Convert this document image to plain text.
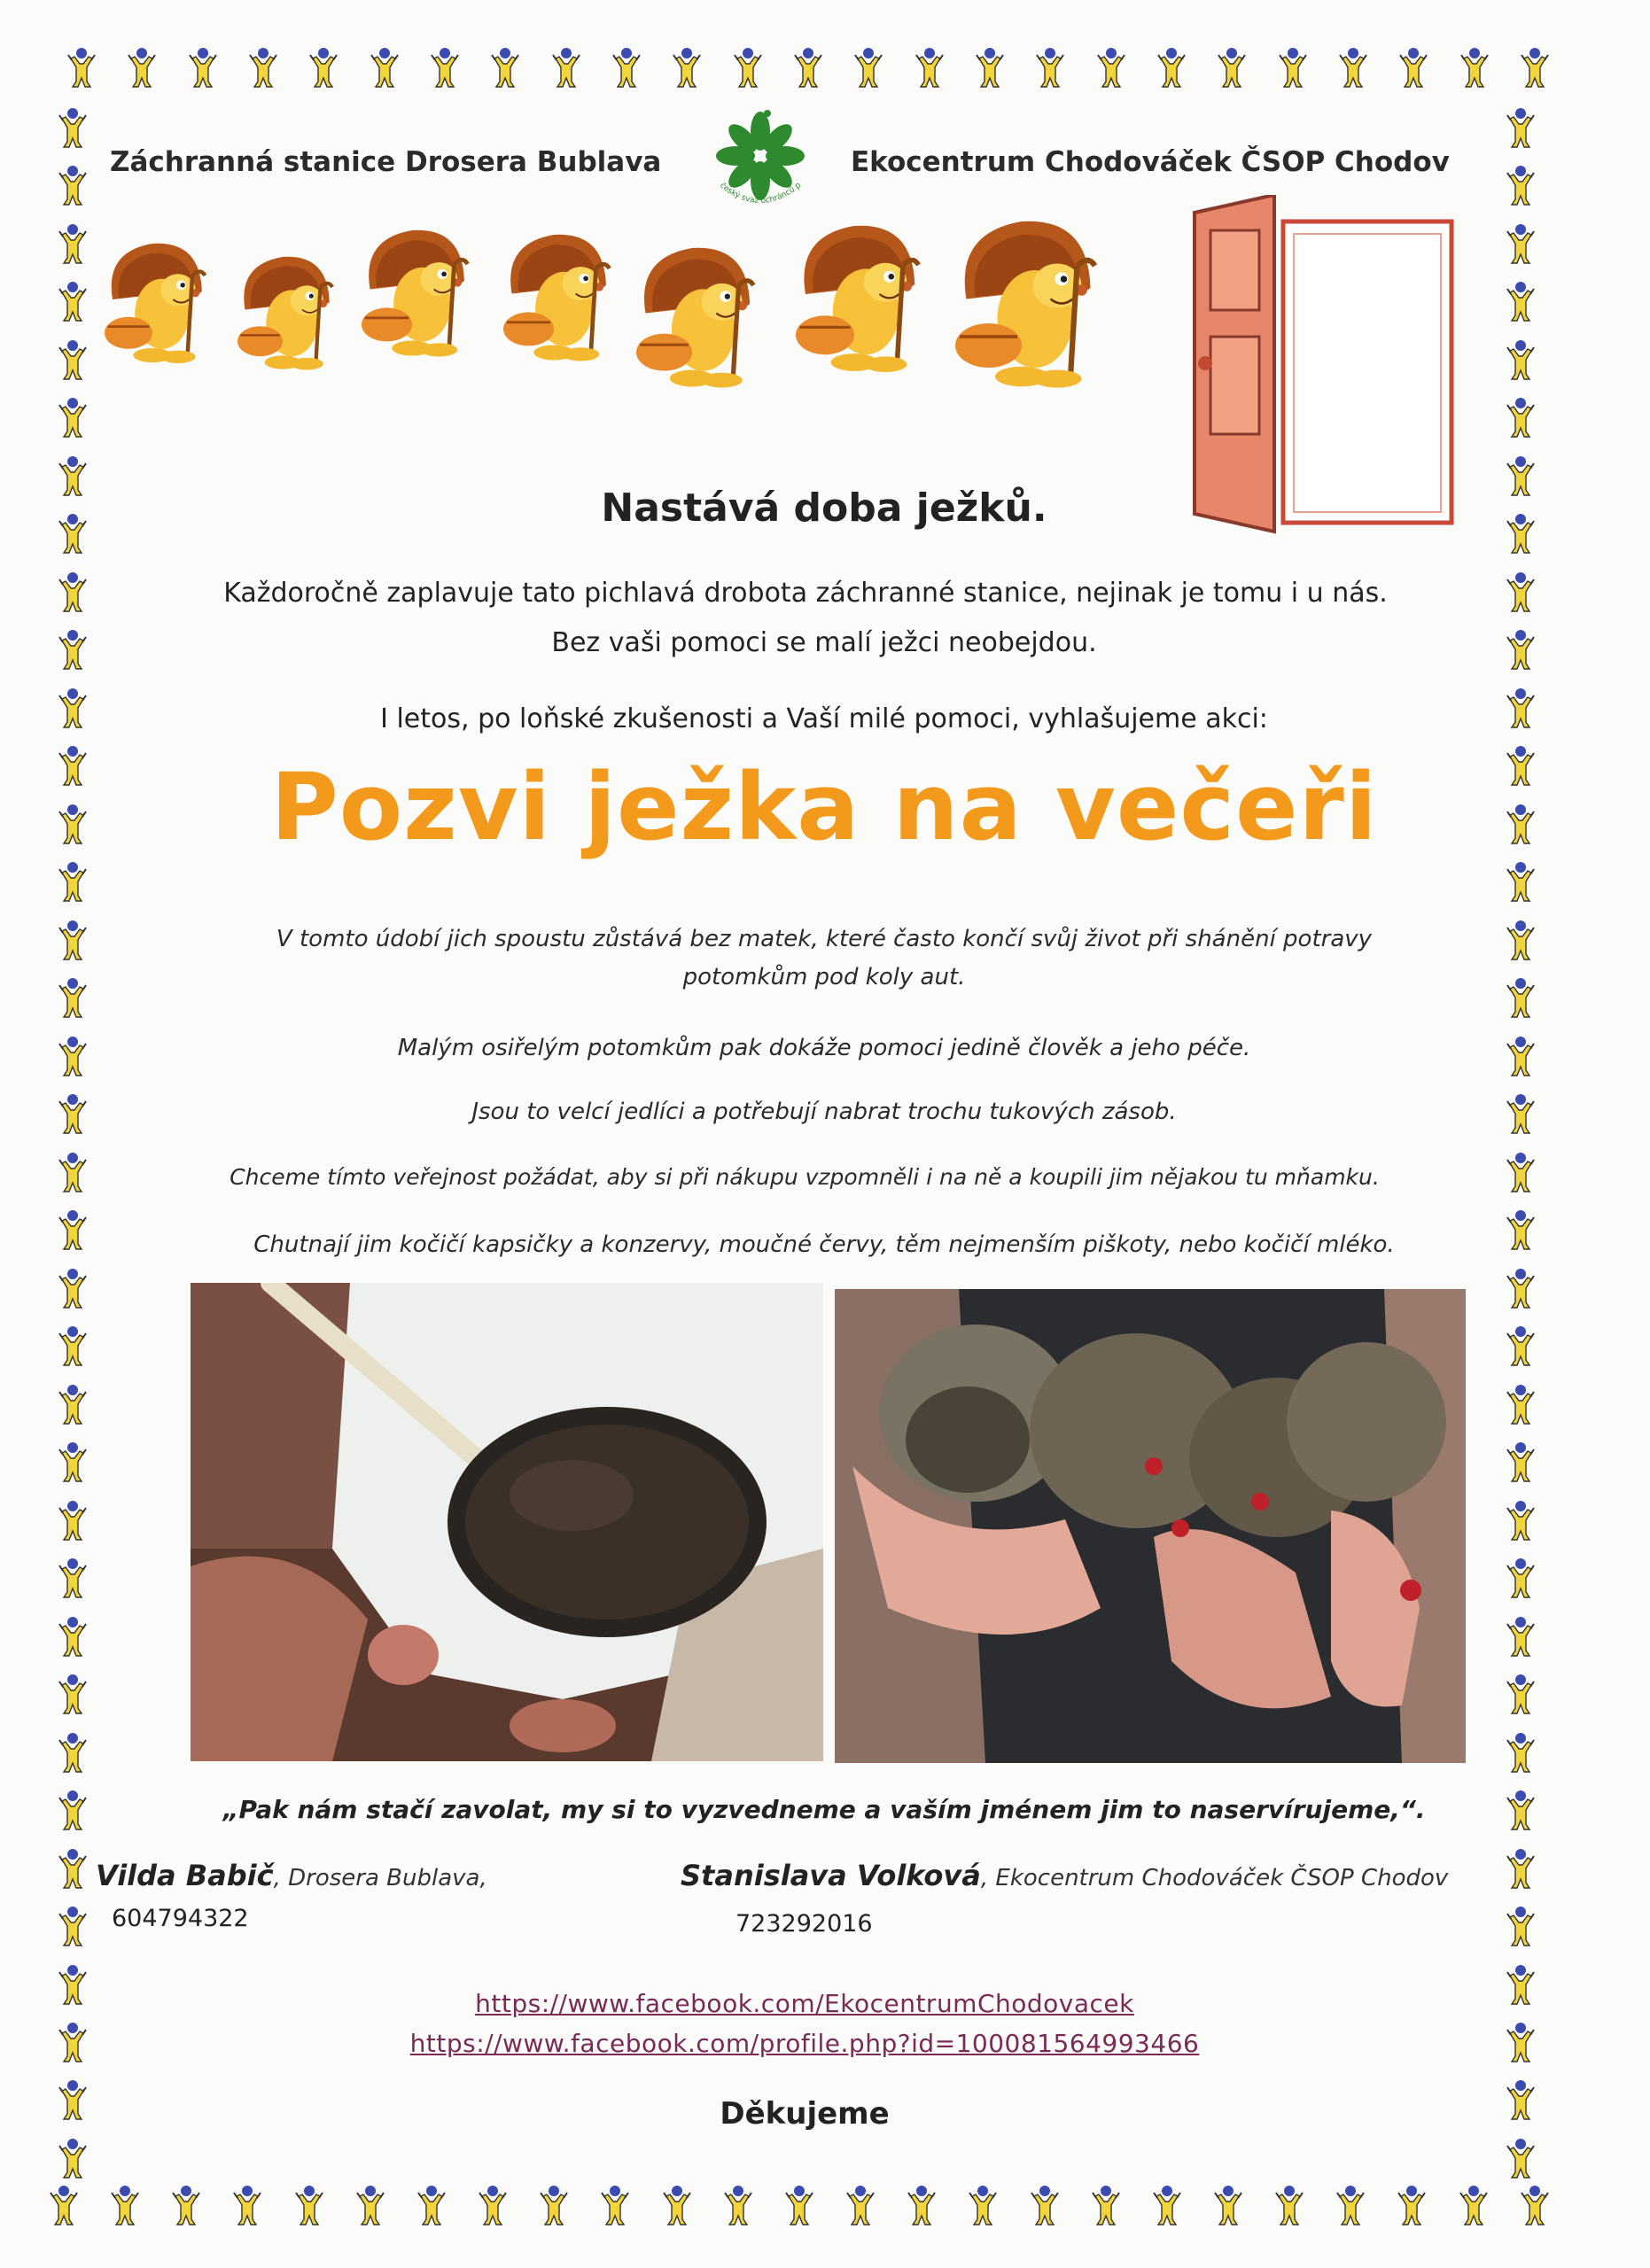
Záchranná stanice Drosera Bublava
český svaz ochránců p
Ekocentrum Chodováček ČSOP Chodov
Nastává doba ježků.
Každoročně zaplavuje tato pichlavá drobota záchranné stanice, nejinak je tomu i u nás.
Bez vaši pomoci se malí ježci neobejdou.
I letos, po loňské zkušenosti a Vaší milé pomoci, vyhlašujeme akci:
Pozvi ježka na večeři
V tomto údobí jich spoustu zůstává bez matek, které často končí svůj život při shánění potravy
potomkům pod koly aut.
Malým osiřelým potomkům pak dokáže pomoci jedině člověk a jeho péče.
Jsou to velcí jedlíci a potřebují nabrat trochu tukových zásob.
Chceme tímto veřejnost požádat, aby si při nákupu vzpomněli i na ně a koupili jim nějakou tu mňamku.
Chutnají jim kočičí kapsičky a konzervy, moučné červy, těm nejmenším piškoty, nebo kočičí mléko.
„Pak nám stačí zavolat, my si to vyzvedneme a vaším jménem jim to naservírujeme,“.
Vilda Babič, Drosera Bublava,
604794322
Stanislava Volková, Ekocentrum Chodováček ČSOP Chodov
723292016
https://www.facebook.com/EkocentrumChodovacek
https://www.facebook.com/profile.php?id=100081564993466
Děkujeme
